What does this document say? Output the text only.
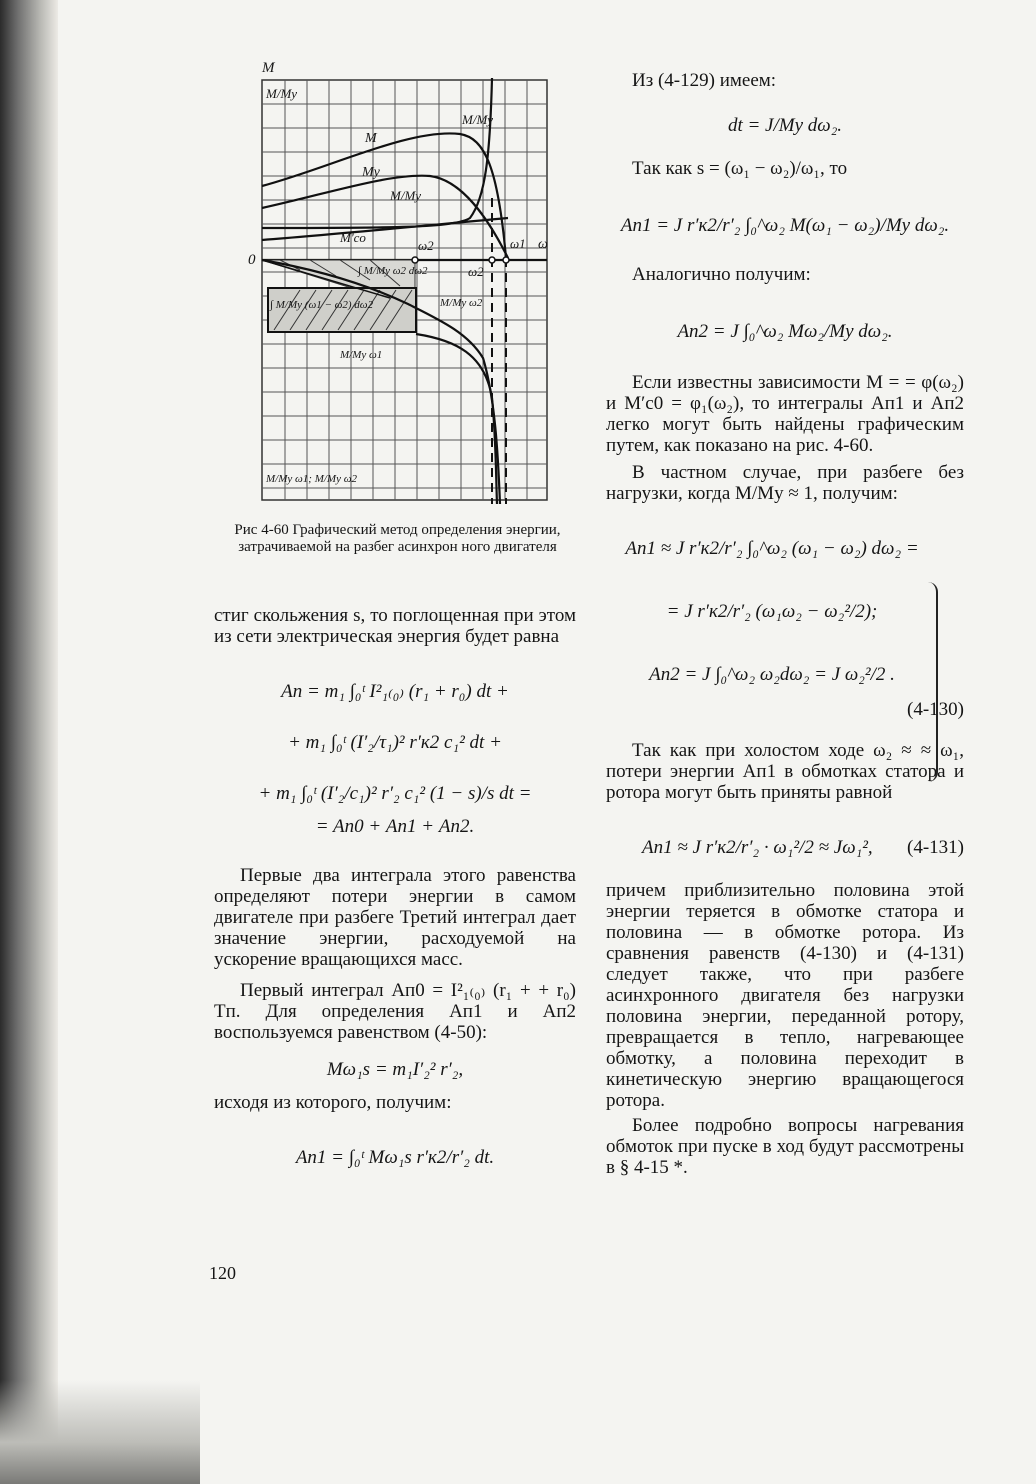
M
M/My
0
M
M/My
My
M/My
M'co
ω2	ω1 ω
ω2
∫ M/My ω2 dω2
∫ M/My (ω1 − ω2) dω2	M/My ω2
M/My ω1
M/My ω1; M/My ω2
Рис 4-60 Графический метод определения энергии, затрачиваемой на разбег асинхрон ного двигателя

стиг скольжения s, то поглощенная при этом из сети электрическая энергия будет равна

Aп = m₁ ∫₀ᵗ I²₁₍₀₎ (r₁ + r₀) dt +
+ m₁ ∫₀ᵗ (I′₂/τ₁)² r′к2 c₁² dt +
+ m₁ ∫₀ᵗ (I′₂/c₁)² r′₂ c₁² (1 − s)/s dt =
= Aп0 + Aп1 + Aп2.

Первые два интеграла этого равенства определяют потери энергии в самом двигателе при разбеге Третий интеграл дает значение энергии, расходуемой на ускорение вращающихся масс.

Первый интеграл Aп0 = I²₁₍₀₎ (r₁ + + r₀) Tп. Для определения Aп1 и Aп2 воспользуемся равенством (4-50):

Mω₁s = m₁I′₂² r′₂,

исходя из которого, получим:

Aп1 = ∫₀ᵗ Mω₁s r′к2/r′₂ dt.
120

Из (4-129) имеем:

dt = J/My dω₂.

Так как s = (ω₁ − ω₂)/ω₁, то

Aп1 = J r′к2/r′₂ ∫₀^ω₂ M(ω₁ − ω₂)/My dω₂.

Аналогично получим:

Aп2 = J ∫₀^ω₂ Mω₂/My dω₂.

Если известны зависимости M = = φ(ω₂) и M′c0 = φ₁(ω₂), то интегралы Aп1 и Aп2 легко могут быть найдены графическим путем, как показано на рис. 4-60.

В частном случае, при разбеге без нагрузки, когда M/My ≈ 1, получим:

Aп1 ≈ J r′к2/r′₂ ∫₀^ω₂ (ω₁ − ω₂) dω₂ =
= J r′к2/r′₂ (ω₁ω₂ − ω₂²/2);
Aп2 = J ∫₀^ω₂ ω₂dω₂ = J ω₂²/2 .
(4-130)

Так как при холостом ходе ω₂ ≈ ≈ ω₁, потери энергии Aп1 в обмотках статора и ротора могут быть приняты равной

Aп1 ≈ J r′к2/r′₂ · ω₁²/2 ≈ Jω₁², (4-131)

причем приблизительно половина этой энергии теряется в обмотке статора и половина — в обмотке ротора. Из сравнения равенств (4-130) и (4-131) следует также, что при разбеге асинхронного двигателя без нагрузки половина энергии, переданной ротору, превращается в тепло, нагревающее обмотку, а половина переходит в кинетическую энергию вращающегося ротора.

Более подробно вопросы нагревания обмоток при пуске в ход будут рассмотрены в § 4-15 *.
